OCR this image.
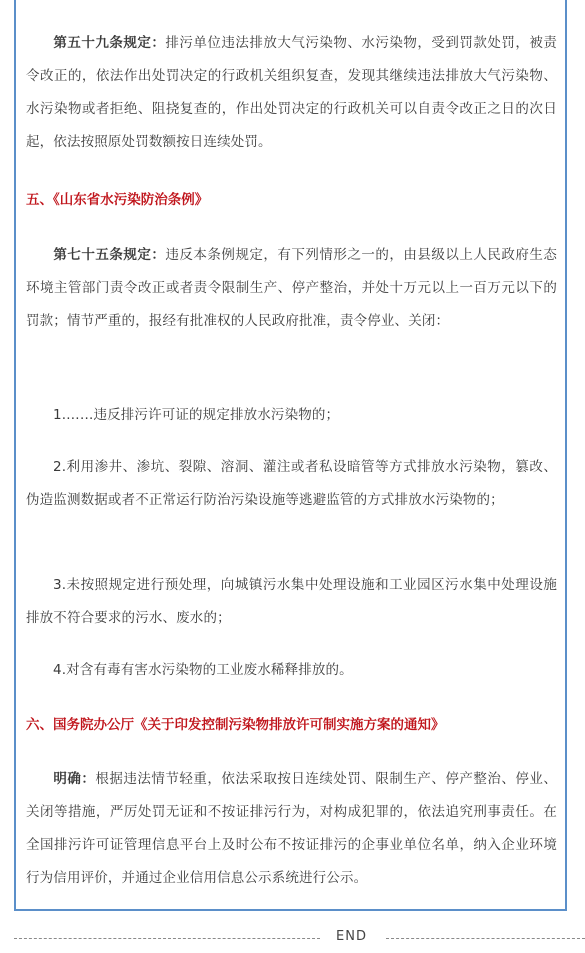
第五十九条规定：排污单位违法排放大气污染物、水污染物，受到罚款处罚，被责令改正的，依法作出处罚决定的行政机关组织复查，发现其继续违法排放大气污染物、水污染物或者拒绝、阻挠复查的，作出处罚决定的行政机关可以自责令改正之日的次日起，依法按照原处罚数额按日连续处罚。

五、《山东省水污染防治条例》

第七十五条规定：违反本条例规定，有下列情形之一的，由县级以上人民政府生态环境主管部门责令改正或者责令限制生产、停产整治，并处十万元以上一百万元以下的罚款；情节严重的，报经有批准权的人民政府批准，责令停业、关闭：

1.……违反排污许可证的规定排放水污染物的；

2.利用渗井、渗坑、裂隙、溶洞、灌注或者私设暗管等方式排放水污染物，篡改、伪造监测数据或者不正常运行防治污染设施等逃避监管的方式排放水污染物的；

3.未按照规定进行预处理，向城镇污水集中处理设施和工业园区污水集中处理设施排放不符合要求的污水、废水的；

4.对含有毒有害水污染物的工业废水稀释排放的。

六、国务院办公厅《关于印发控制污染物排放许可制实施方案的通知》

明确：根据违法情节轻重，依法采取按日连续处罚、限制生产、停产整治、停业、关闭等措施，严厉处罚无证和不按证排污行为，对构成犯罪的，依法追究刑事责任。在全国排污许可证管理信息平台上及时公布不按证排污的企事业单位名单，纳入企业环境行为信用评价，并通过企业信用信息公示系统进行公示。

END
